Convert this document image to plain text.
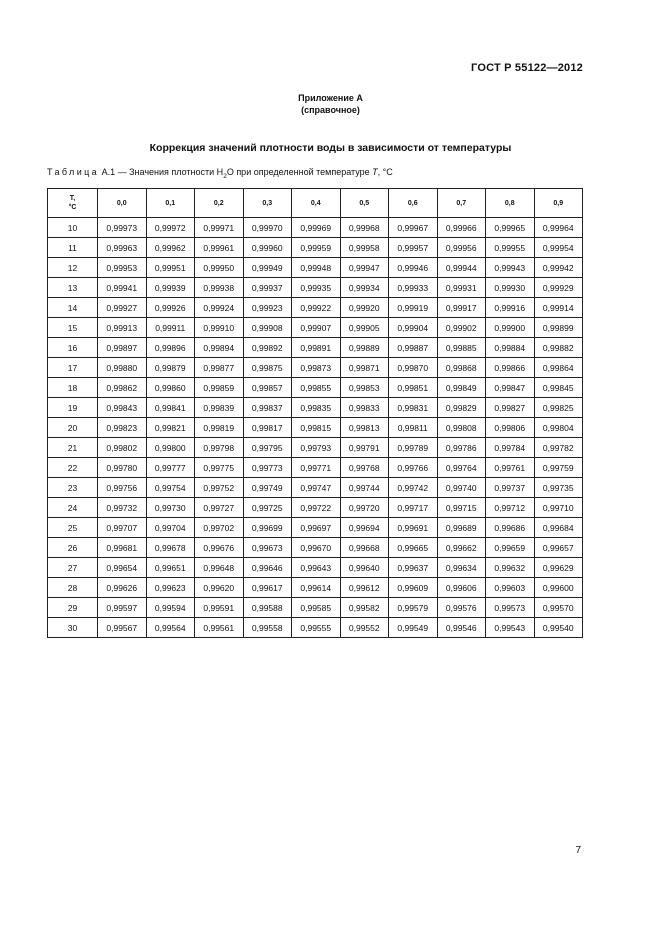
ГОСТ Р 55122—2012
Приложение А
(справочное)
Коррекция значений плотности воды в зависимости от температуры
Таблица А.1 — Значения плотности $H_2O$ при определенной температуре T, °C
T,
°C	0,0	0,1	0,2	0,3	0,4	0,5	0,6	0,7	0,8	0,9
10	0,99973	0,99972	0,99971	0,99970	0,99969	0,99968	0,99967	0,99966	0,99965	0,99964
11	0,99963	0,99962	0,99961	0,99960	0,99959	0,99958	0,99957	0,99956	0,99955	0,99954
12	0,99953	0,99951	0,99950	0,99949	0,99948	0,99947	0,99946	0,99944	0,99943	0,99942
13	0,99941	0,99939	0,99938	0,99937	0,99935	0,99934	0,99933	0,99931	0,99930	0,99929
14	0,99927	0,99926	0,99924	0,99923	0,99922	0,99920	0,99919	0,99917	0,99916	0,99914
15	0,99913	0,99911	0,99910	0,99908	0,99907	0,99905	0,99904	0,99902	0,99900	0,99899
16	0,99897	0,99896	0,99894	0,99892	0,99891	0,99889	0,99887	0,99885	0,99884	0,99882
17	0,99880	0,99879	0,99877	0,99875	0,99873	0,99871	0,99870	0,99868	0,99866	0,99864
18	0,99862	0,99860	0,99859	0,99857	0,99855	0,99853	0,99851	0,99849	0,99847	0,99845
19	0,99843	0,99841	0,99839	0,99837	0,99835	0,99833	0,99831	0,99829	0,99827	0,99825
20	0,99823	0,99821	0,99819	0,99817	0,99815	0,99813	0,99811	0,99808	0,99806	0,99804
21	0,99802	0,99800	0,99798	0,99795	0,99793	0,99791	0,99789	0,99786	0,99784	0,99782
22	0,99780	0,99777	0,99775	0,99773	0,99771	0,99768	0,99766	0,99764	0,99761	0,99759
23	0,99756	0,99754	0,99752	0,99749	0,99747	0,99744	0,99742	0,99740	0,99737	0,99735
24	0,99732	0,99730	0,99727	0,99725	0,99722	0,99720	0,99717	0,99715	0,99712	0,99710
25	0,99707	0,99704	0,99702	0,99699	0,99697	0,99694	0,99691	0,99689	0,99686	0,99684
26	0,99681	0,99678	0,99676	0,99673	0,99670	0,99668	0,99665	0,99662	0,99659	0,99657
27	0,99654	0,99651	0,99648	0,99646	0,99643	0,99640	0,99637	0,99634	0,99632	0,99629
28	0,99626	0,99623	0,99620	0,99617	0,99614	0,99612	0,99609	0,99606	0,99603	0,99600
29	0,99597	0,99594	0,99591	0,99588	0,99585	0,99582	0,99579	0,99576	0,99573	0,99570
30	0,99567	0,99564	0,99561	0,99558	0,99555	0,99552	0,99549	0,99546	0,99543	0,99540
7
